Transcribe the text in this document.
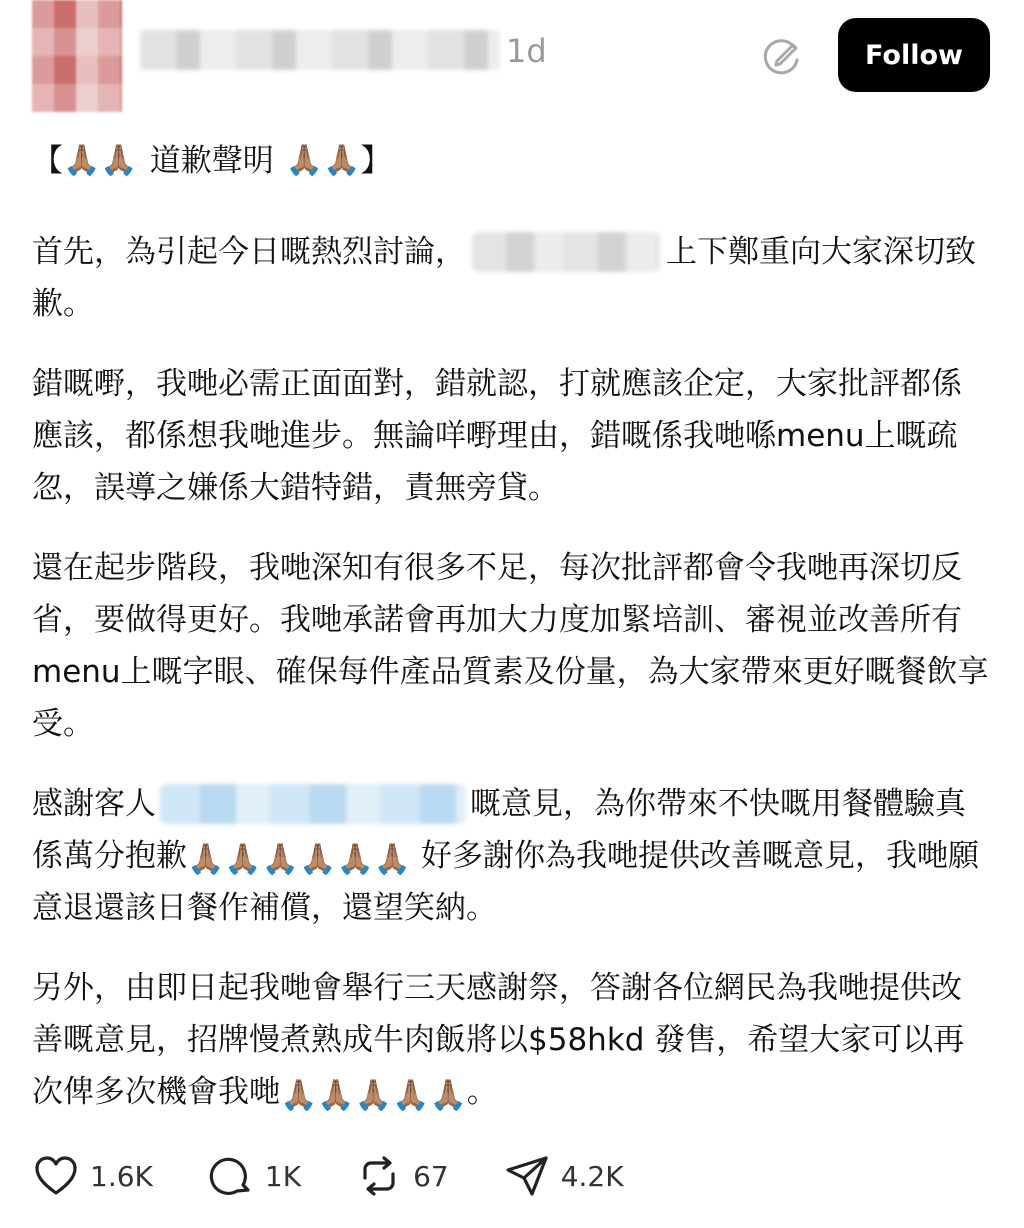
1d	Follow
【 🙏🏽 🙏🏽 道歉聲明 🙏🏽 🙏🏽 】
首先，為引起今日嘅熱烈討論，	上下鄭重向大家深切致歉。
錯嘅嘢，我哋必需正面面對，錯就認，打就應該企定，大家批評都係應該，都係想我哋進步。無論咩嘢理由，錯嘅係我哋喺menu上嘅疏忽，誤導之嫌係大錯特錯，責無旁貸。
還在起步階段，我哋深知有很多不足，每次批評都會令我哋再深切反省，要做得更好。我哋承諾會再加大力度加緊培訓、審視並改善所有menu上嘅字眼、確保每件產品質素及份量，為大家帶來更好嘅餐飲享受。
感謝客人	嘅意見，為你帶來不快嘅用餐體驗真係萬分抱歉🙏🏽🙏🏽🙏🏽🙏🏽🙏🏽🙏🏽 好多謝你為我哋提供改善嘅意見，我哋願意退還該日餐作補償，還望笑納。
另外，由即日起我哋會舉行三天感謝祭，答謝各位網民為我哋提供改善嘅意見，招牌慢煮熟成牛肉飯將以$58hkd 發售，希望大家可以再次俾多次機會我哋🙏🏽🙏🏽🙏🏽🙏🏽🙏🏽。
1.6K	1K	67	4.2K
